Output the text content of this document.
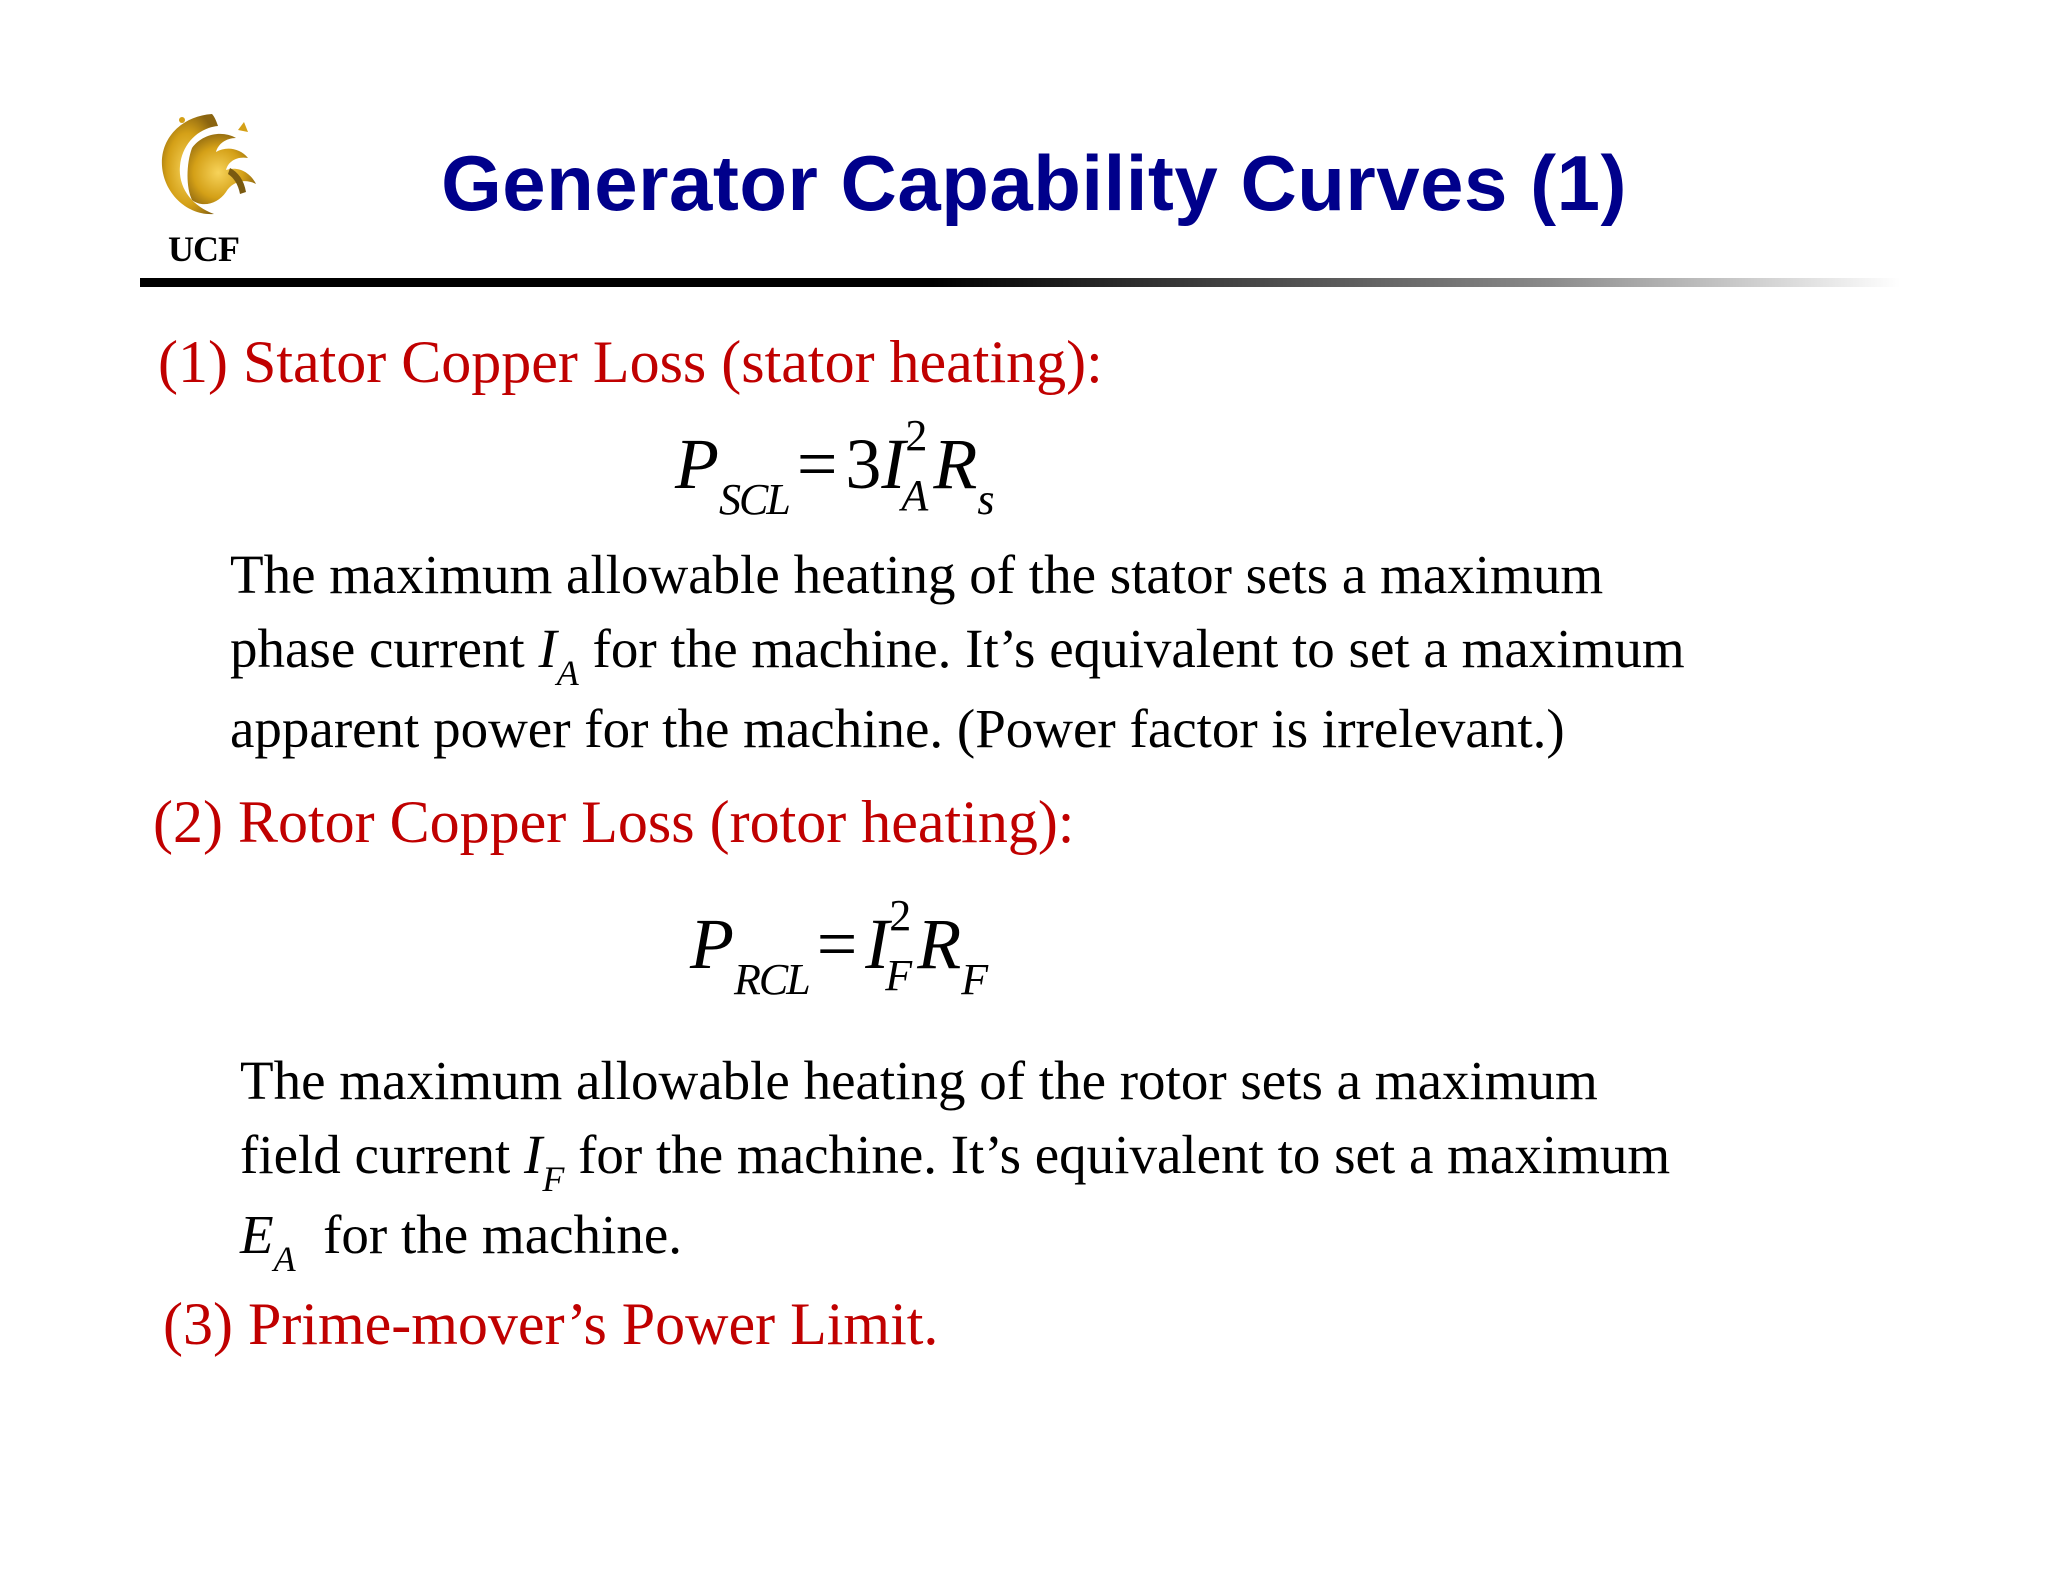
UCF
Generator Capability Curves (1)
(1) Stator Copper Loss (stator heating):
$P_{SCL} = 3I$ 2
A $R_s$
The maximum allowable heating of the stator sets a maximum
phase current $I_A$ for the machine. It’s equivalent to set a maximum
apparent power for the machine. (Power factor is irrelevant.)
(2) Rotor Copper Loss (rotor heating):
$P_{RCL} = I$ 2
F $R_F$
The maximum allowable heating of the rotor sets a maximum
field current $I_F$ for the machine. It’s equivalent to set a maximum
$E_A$  for the machine.
(3) Prime-mover’s Power Limit.
